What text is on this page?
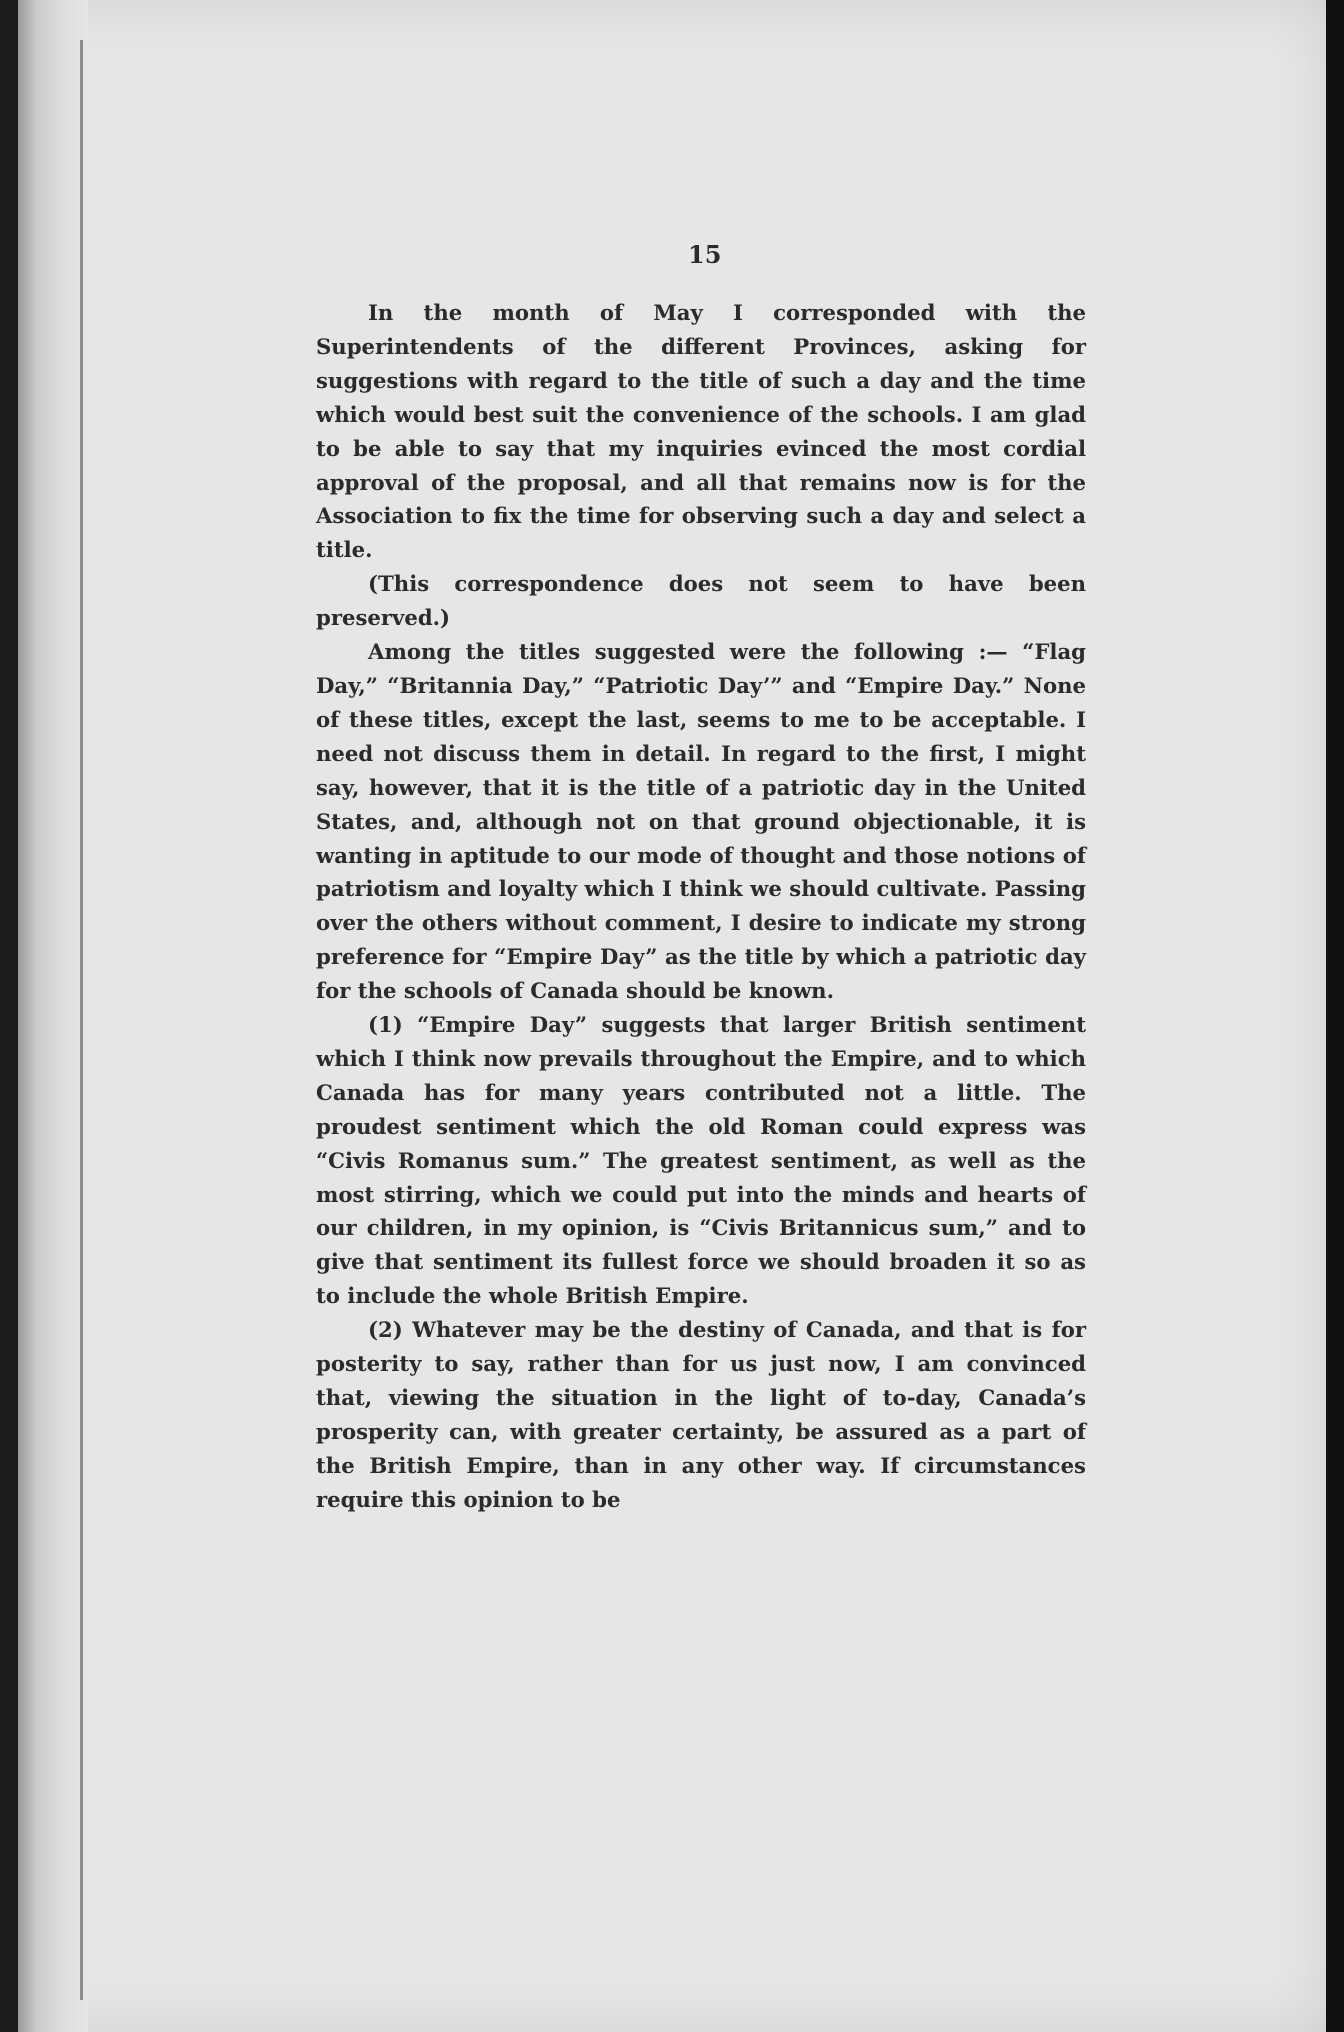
15

In the month of May I corresponded with the Superintendents of the different Provinces, asking for suggestions with regard to the title of such a day and the time which would best suit the convenience of the schools. I am glad to be able to say that my inquiries evinced the most cordial approval of the proposal, and all that remains now is for the Association to fix the time for observing such a day and select a title.

(This correspondence does not seem to have been preserved.)

Among the titles suggested were the following :— “Flag Day,” “Britannia Day,” “Patriotic Day’” and “Empire Day.” None of these titles, except the last, seems to me to be acceptable. I need not discuss them in detail. In regard to the first, I might say, however, that it is the title of a patriotic day in the United States, and, although not on that ground objectionable, it is wanting in aptitude to our mode of thought and those notions of patriotism and loyalty which I think we should cultivate. Passing over the others without comment, I desire to indicate my strong preference for “Empire Day” as the title by which a patriotic day for the schools of Canada should be known.

(1) “Empire Day” suggests that larger British sentiment which I think now prevails throughout the Empire, and to which Canada has for many years contributed not a little. The proudest sentiment which the old Roman could express was “Civis Romanus sum.” The greatest sentiment, as well as the most stirring, which we could put into the minds and hearts of our children, in my opinion, is “Civis Britannicus sum,” and to give that sentiment its fullest force we should broaden it so as to include the whole British Empire.

(2) Whatever may be the destiny of Canada, and that is for posterity to say, rather than for us just now, I am convinced that, viewing the situation in the light of to-day, Canada’s prosperity can, with greater certainty, be assured as a part of the British Empire, than in any other way. If circumstances require this opinion to be
